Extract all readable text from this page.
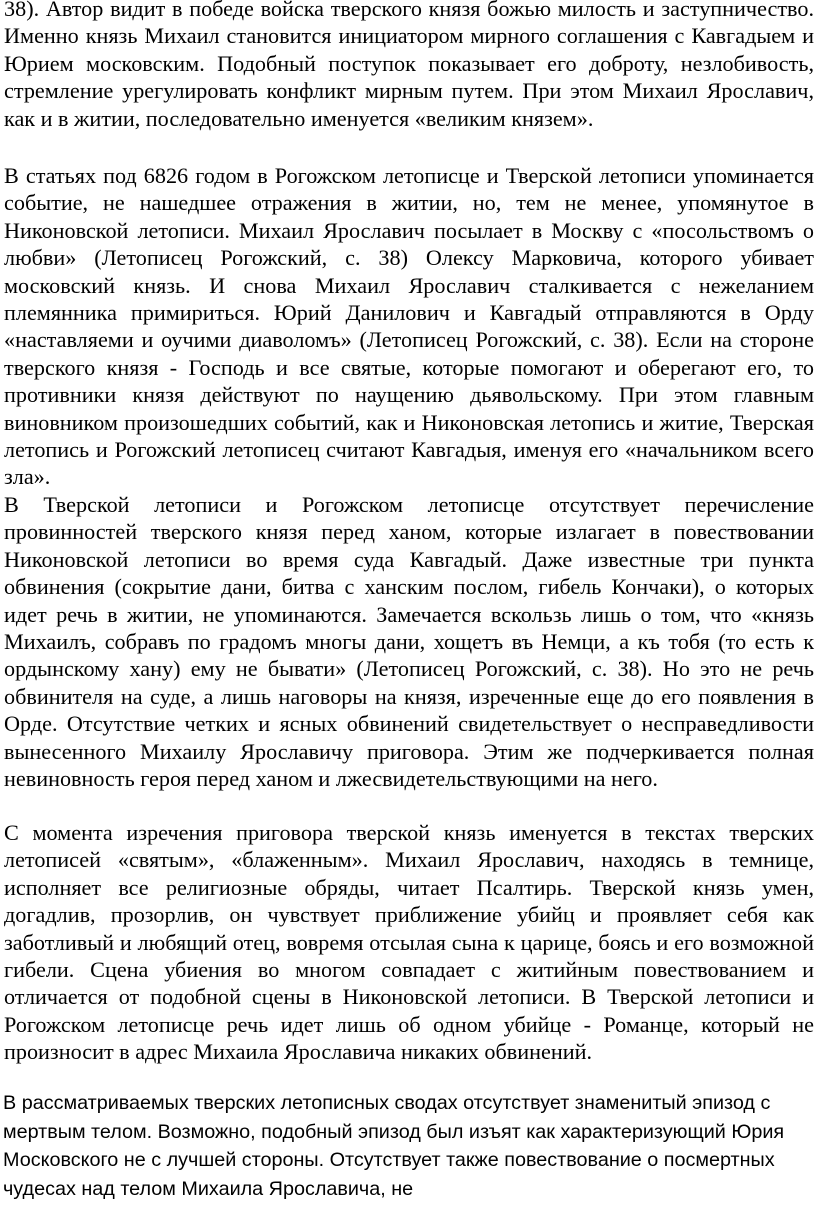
38). Автор видит в победе войска тверского князя божью милость и заступничество. Именно князь Михаил становится инициатором мирного соглашения с Кавгадыем и Юрием московским. Подобный поступок показывает его доброту, незлобивость, стремление урегулировать конфликт мирным путем. При этом Михаил Ярославич, как и в житии, последовательно именуется «великим князем».

В статьях под 6826 годом в Рогожском летописце и Тверской летописи упоминается событие, не нашедшее отражения в житии, но, тем не менее, упомянутое в Никоновской летописи. Михаил Ярославич посылает в Москву с «посольствомъ о любви» (Летописец Рогожский, с. 38) Олексу Марковича, которого убивает московский князь. И снова Михаил Ярославич сталкивается с нежеланием племянника примириться. Юрий Данилович и Кавгадый отправляются в Орду «наставляеми и оучими диаволомъ» (Летописец Рогожский, с. 38). Если на стороне тверского князя - Господь и все святые, которые помогают и оберегают его, то противники князя действуют по наущению дьявольскому. При этом главным виновником произошедших событий, как и Никоновская летопись и житие, Тверская летопись и Рогожский летописец считают Кавгадыя, именуя его «начальником всего зла».

В Тверской летописи и Рогожском летописце отсутствует перечисление провинностей тверского князя перед ханом, которые излагает в повествовании Никоновской летописи во время суда Кавгадый. Даже известные три пункта обвинения (сокрытие дани, битва с ханским послом, гибель Кончаки), о которых идет речь в житии, не упоминаются. Замечается вскользь лишь о том, что «князь Михаилъ, собравъ по градомъ многы дани, хощетъ въ Немци, а къ тобя (то есть к ордынскому хану) ему не бывати» (Летописец Рогожский, с. 38). Но это не речь обвинителя на суде, а лишь наговоры на князя, изреченные еще до его появления в Орде. Отсутствие четких и ясных обвинений свидетельствует о несправедливости вынесенного Михаилу Ярославичу приговора. Этим же подчеркивается полная невиновность героя перед ханом и лжесвидетельствующими на него.

С момента изречения приговора тверской князь именуется в текстах тверских летописей «святым», «блаженным». Михаил Ярославич, находясь в темнице, исполняет все религиозные обряды, читает Псалтирь. Тверской князь умен, догадлив, прозорлив, он чувствует приближение убийц и проявляет себя как заботливый и любящий отец, вовремя отсылая сына к царице, боясь и его возможной гибели. Сцена убиения во многом совпадает с житийным повествованием и отличается от подобной сцены в Никоновской летописи. В Тверской летописи и Рогожском летописце речь идет лишь об одном убийце - Романце, который не произносит в адрес Михаила Ярославича никаких обвинений.

В рассматриваемых тверских летописных сводах отсутствует знаменитый эпизод с мертвым телом. Возможно, подобный эпизод был изъят как характеризующий Юрия Московского не с лучшей стороны. Отсутствует также повествование о посмертных чудесах над телом Михаила Ярославича, не
